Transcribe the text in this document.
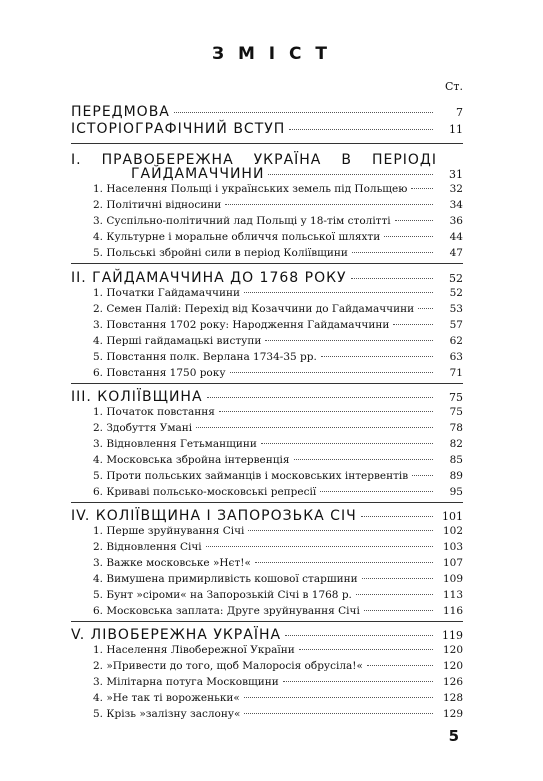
З М І С Т
Ст.
ПЕРЕДМОВА	7
ІСТОРІОГРАФІЧНИЙ ВСТУП	11
І. ПРАВОБЕРЕЖНА УКРАЇНА В ПЕРІОДІ
ГАЙДАМАЧЧИНИ	31
1. Населення Польщі і українських земель під Польщею	32
2. Політичні відносини	34
3. Суспільно-політичний лад Польщі у 18-тім столітті	36
4. Культурне і моральне обличчя польської шляхти	44
5. Польські збройні сили в період Коліївщини	47
ІІ. ГАЙДАМАЧЧИНА ДО 1768 РОКУ	52
1. Початки Гайдамаччини	52
2. Семен Палій: Перехід від Козаччини до Гайдамаччини	53
3. Повстання 1702 року: Народження Гайдамаччини	57
4. Перші гайдамацькі виступи	62
5. Повстання полк. Верлана 1734-35 рр.	63
6. Повстання 1750 року	71
ІІІ. КОЛІЇВЩИНА	75
1. Початок повстання	75
2. Здобуття Умані	78
3. Відновлення Гетьманщини	82
4. Московська збройна інтервенція	85
5. Проти польських займанців і московських інтервентів	89
6. Криваві польсько-московські репресії	95
IV. КОЛІЇВЩИНА І ЗАПОРОЗЬКА СІЧ	101
1. Перше зруйнування Січі	102
2. Відновлення Січі	103
3. Важке московське »Нєт!«	107
4. Вимушена примирливість кошової старшини	109
5. Бунт »сіроми« на Запорозькій Січі в 1768 р.	113
6. Московська заплата: Друге зруйнування Січі	116
V. ЛІВОБЕРЕЖНА УКРАЇНА	119
1. Населення Лівобережної України	120
2. »Привести до того, щоб Малоросія обрусіла!«	120
3. Мілітарна потуга Московщини	126
4. »Не так ті вороженьки«	128
5. Крізь »залізну заслону«	129
5
